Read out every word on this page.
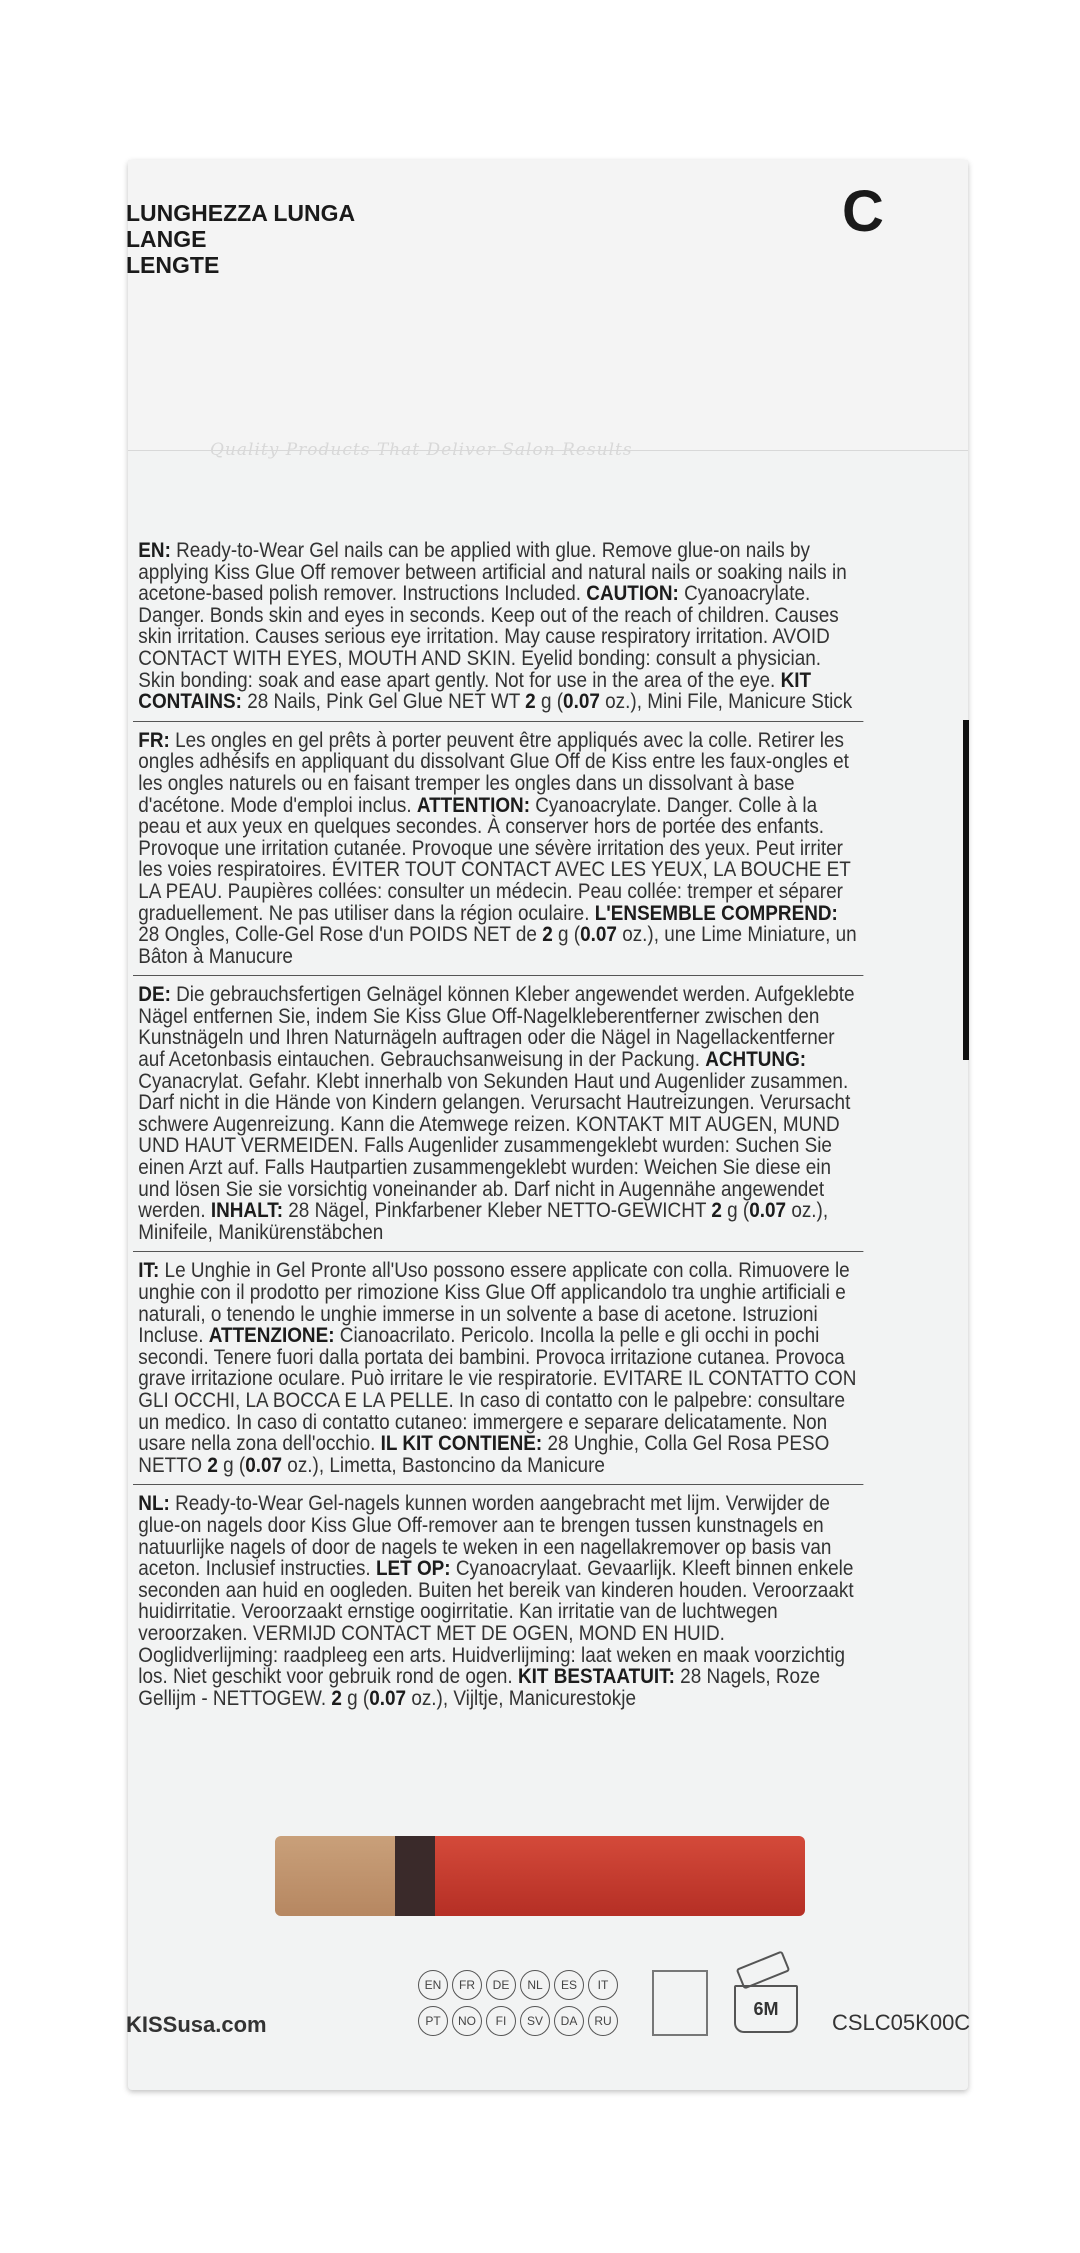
LUNGHEZZA LUNGA
LANGE
LENGTE
C
Quality Products That Deliver Salon Results
EN: Ready-to-Wear Gel nails can be applied with glue. Remove glue-on nails by applying Kiss Glue Off remover between artificial and natural nails or soaking nails in acetone-based polish remover. Instructions Included. CAUTION: Cyanoacrylate. Danger. Bonds skin and eyes in seconds. Keep out of the reach of children. Causes skin irritation. Causes serious eye irritation. May cause respiratory irritation. AVOID CONTACT WITH EYES, MOUTH AND SKIN. Eyelid bonding: consult a physician. Skin bonding: soak and ease apart gently. Not for use in the area of the eye. KIT CONTAINS: 28 Nails, Pink Gel Glue NET WT 2 g (0.07 oz.), Mini File, Manicure Stick
FR: Les ongles en gel prêts à porter peuvent être appliqués avec la colle. Retirer les ongles adhésifs en appliquant du dissolvant Glue Off de Kiss entre les faux-ongles et les ongles naturels ou en faisant tremper les ongles dans un dissolvant à base d'acétone. Mode d'emploi inclus. ATTENTION: Cyanoacrylate. Danger. Colle à la peau et aux yeux en quelques secondes. À conserver hors de portée des enfants. Provoque une irritation cutanée. Provoque une sévère irritation des yeux. Peut irriter les voies respiratoires. ÉVITER TOUT CONTACT AVEC LES YEUX, LA BOUCHE ET LA PEAU. Paupières collées: consulter un médecin. Peau collée: tremper et séparer graduellement. Ne pas utiliser dans la région oculaire. L'ENSEMBLE COMPREND: 28 Ongles, Colle-Gel Rose d'un POIDS NET de 2 g (0.07 oz.), une Lime Miniature, un Bâton à Manucure
DE: Die gebrauchsfertigen Gelnägel können Kleber angewendet werden. Aufgeklebte Nägel entfernen Sie, indem Sie Kiss Glue Off-Nagelkleberentferner zwischen den Kunstnägeln und Ihren Naturnägeln auftragen oder die Nägel in Nagellackentferner auf Acetonbasis eintauchen. Gebrauchsanweisung in der Packung. ACHTUNG: Cyanacrylat. Gefahr. Klebt innerhalb von Sekunden Haut und Augenlider zusammen. Darf nicht in die Hände von Kindern gelangen. Verursacht Hautreizungen. Verursacht schwere Augenreizung. Kann die Atemwege reizen. KONTAKT MIT AUGEN, MUND UND HAUT VERMEIDEN. Falls Augenlider zusammengeklebt wurden: Suchen Sie einen Arzt auf. Falls Hautpartien zusammengeklebt wurden: Weichen Sie diese ein und lösen Sie sie vorsichtig voneinander ab. Darf nicht in Augennähe angewendet werden. INHALT: 28 Nägel, Pinkfarbener Kleber NETTO-GEWICHT 2 g (0.07 oz.), Minifeile, Manikürenstäbchen
IT: Le Unghie in Gel Pronte all'Uso possono essere applicate con colla. Rimuovere le unghie con il prodotto per rimozione Kiss Glue Off applicandolo tra unghie artificiali e naturali, o tenendo le unghie immerse in un solvente a base di acetone. Istruzioni Incluse. ATTENZIONE: Cianoacrilato. Pericolo. Incolla la pelle e gli occhi in pochi secondi. Tenere fuori dalla portata dei bambini. Provoca irritazione cutanea. Provoca grave irritazione oculare. Può irritare le vie respiratorie. EVITARE IL CONTATTO CON GLI OCCHI, LA BOCCA E LA PELLE. In caso di contatto con le palpebre: consultare un medico. In caso di contatto cutaneo: immergere e separare delicatamente. Non usare nella zona dell'occhio. IL KIT CONTIENE: 28 Unghie, Colla Gel Rosa PESO NETTO 2 g (0.07 oz.), Limetta, Bastoncino da Manicure
NL: Ready-to-Wear Gel-nagels kunnen worden aangebracht met lijm. Verwijder de glue-on nagels door Kiss Glue Off-remover aan te brengen tussen kunstnagels en natuurlijke nagels of door de nagels te weken in een nagellakremover op basis van aceton. Inclusief instructies. LET OP: Cyanoacrylaat. Gevaarlijk. Kleeft binnen enkele seconden aan huid en oogleden. Buiten het bereik van kinderen houden. Veroorzaakt huidirritatie. Veroorzaakt ernstige oogirritatie. Kan irritatie van de luchtwegen veroorzaken. VERMIJD CONTACT MET DE OGEN, MOND EN HUID. Ooglidverlijming: raadpleeg een arts. Huidverlijming: laat weken en maak voorzichtig los. Niet geschikt voor gebruik rond de ogen. KIT BESTAATUIT: 28 Nagels, Roze Gellijm - NETTOGEW. 2 g (0.07 oz.), Vijltje, Manicurestokje
KISSusa.com
EN	FR	DE	NL	ES	IT
PT	NO	FI	SV	DA	RU
6M
CSLC05K00C
